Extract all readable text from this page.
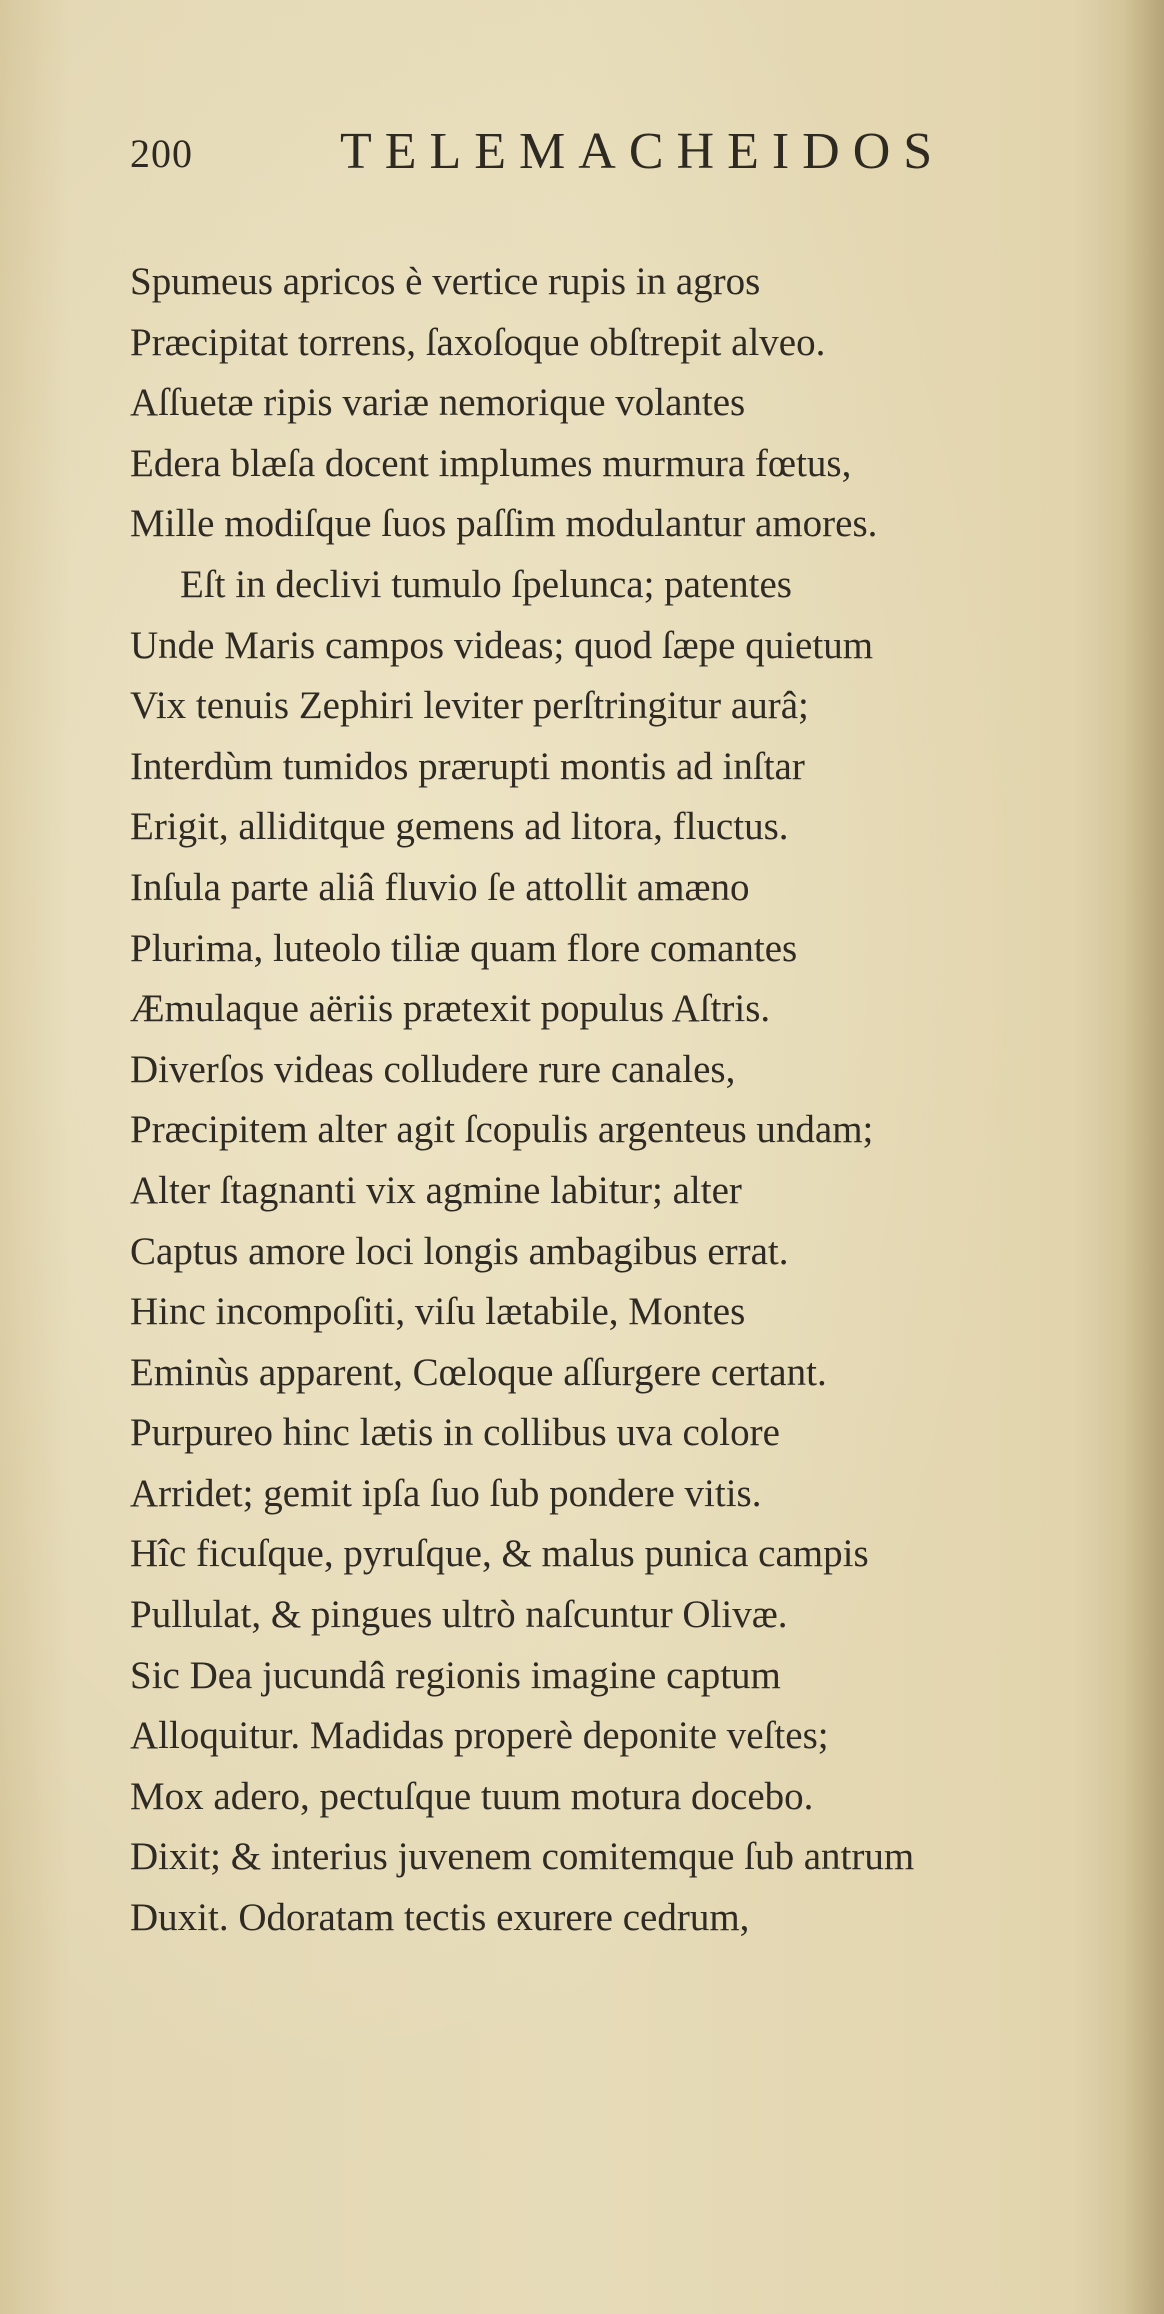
200	TELEMACHEIDOS
Spumeus apricos è vertice rupis in agros
Præcipitat torrens, ſaxoſoque obſtrepit alveo.
Aſſuetæ ripis variæ nemorique volantes
Edera blæſa docent implumes murmura fœtus,
Mille modiſque ſuos paſſim modulantur amores.
Eſt in declivi tumulo ſpelunca; patentes
Unde Maris campos videas; quod ſæpe quietum
Vix tenuis Zephiri leviter perſtringitur aurâ;
Interdùm tumidos prærupti montis ad inſtar
Erigit, alliditque gemens ad litora, fluctus.
Inſula parte aliâ fluvio ſe attollit amæno
Plurima, luteolo tiliæ quam flore comantes
Æmulaque aëriis prætexit populus Aſtris.
Diverſos videas colludere rure canales,
Præcipitem alter agit ſcopulis argenteus undam;
Alter ſtagnanti vix agmine labitur; alter
Captus amore loci longis ambagibus errat.
Hinc incompoſiti, viſu lætabile, Montes
Eminùs apparent, Cœloque aſſurgere certant.
Purpureo hinc lætis in collibus uva colore
Arridet; gemit ipſa ſuo ſub pondere vitis.
Hîc ficuſque, pyruſque, & malus punica campis
Pullulat, & pingues ultrò naſcuntur Olivæ.
Sic Dea jucundâ regionis imagine captum
Alloquitur. Madidas properè deponite veſtes;
Mox adero, pectuſque tuum motura docebo.
Dixit; & interius juvenem comitemque ſub antrum
Duxit. Odoratam tectis exurere cedrum,
